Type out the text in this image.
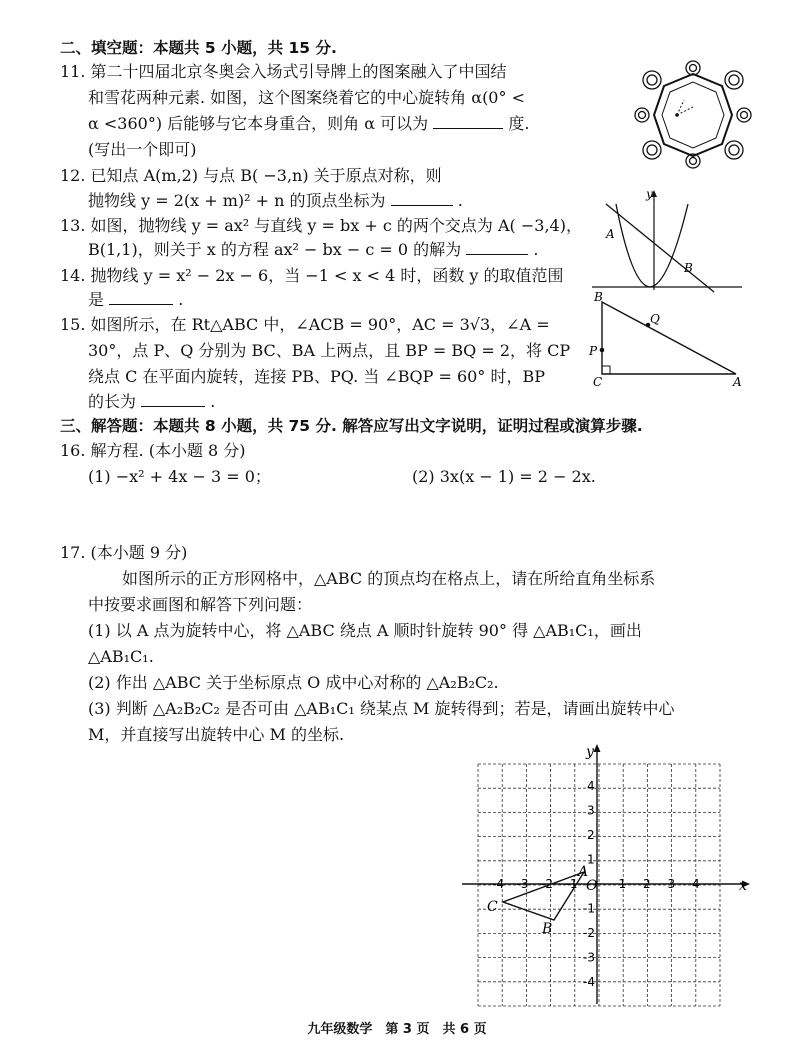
二、填空题：本题共 5 小题，共 15 分.
11. 第二十四届北京冬奥会入场式引导牌上的图案融入了中国结
和雪花两种元素. 如图，这个图案绕着它的中心旋转角 α(0° <
α <360°) 后能够与它本身重合，则角 α 可以为	度.
(写出一个即可)
12. 已知点 A(m,2) 与点 B( −3,n) 关于原点对称，则
抛物线 y = 2(x + m)² + n 的顶点坐标为	.
13. 如图，抛物线 y = ax² 与直线 y = bx + c 的两个交点为 A( −3,4)，
B(1,1)，则关于 x 的方程 ax² − bx − c = 0 的解为	.
y
A
B
14. 抛物线 y = x² − 2x − 6，当 −1 < x < 4 时，函数 y 的取值范围
是	.
15. 如图所示，在 Rt△ABC 中，∠ACB = 90°，AC = 3√3，∠A =
30°，点 P、Q 分别为 BC、BA 上两点，且 BP = BQ = 2，将 CP
绕点 C 在平面内旋转，连接 PB、PQ. 当 ∠BQP = 60° 时，BP
的长为	.
B
Q
P
C	A
三、解答题：本题共 8 小题，共 75 分. 解答应写出文字说明，证明过程或演算步骤.
16. 解方程. (本小题 8 分)
(1) −x² + 4x − 3 = 0；	(2) 3x(x − 1) = 2 − 2x.
17. (本小题 9 分)
如图所示的正方形网格中，△ABC 的顶点均在格点上，请在所给直角坐标系
中按要求画图和解答下列问题：
(1) 以 A 点为旋转中心，将 △ABC 绕点 A 顺时针旋转 90° 得 △AB₁C₁，画出
△AB₁C₁.
(2) 作出 △ABC 关于坐标原点 O 成中心对称的 △A₂B₂C₂.
(3) 判断 △A₂B₂C₂ 是否可由 △AB₁C₁ 绕某点 M 旋转得到；若是，请画出旋转中心
M，并直接写出旋转中心 M 的坐标.
y
x
O
-4 -3 -2 -1	1 2 3 4
4
3
2
1
-1
-2
-3
-4
A
B
C
九年级数学　第 3 页　共 6 页
